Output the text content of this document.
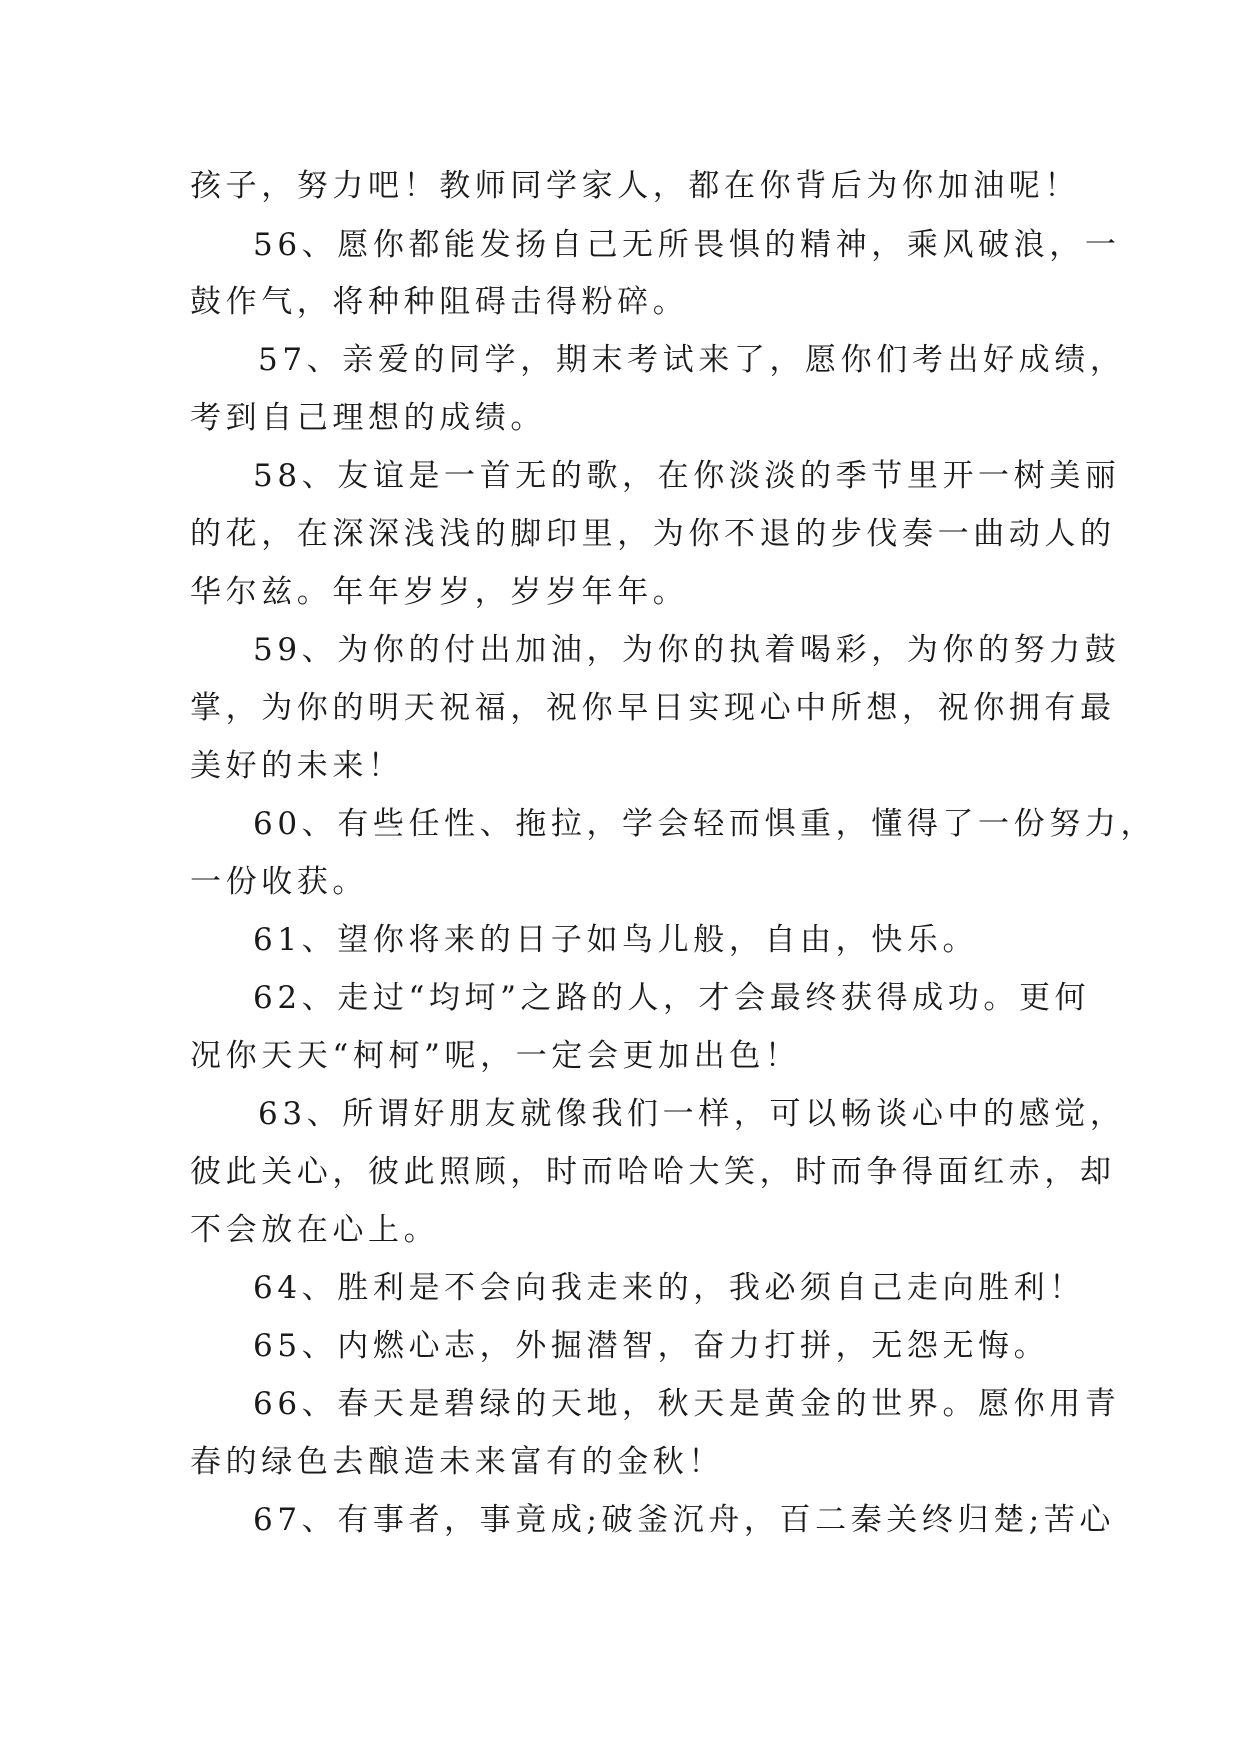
孩子，努力吧！教师同学家人，都在你背后为你加油呢！
56、愿你都能发扬自己无所畏惧的精神，乘风破浪，一
鼓作气，将种种阻碍击得粉碎。
57、亲爱的同学，期末考试来了，愿你们考出好成绩，
考到自己理想的成绩。
58、友谊是一首无的歌，在你淡淡的季节里开一树美丽
的花，在深深浅浅的脚印里，为你不退的步伐奏一曲动人的
华尔兹。年年岁岁，岁岁年年。
59、为你的付出加油，为你的执着喝彩，为你的努力鼓
掌，为你的明天祝福，祝你早日实现心中所想，祝你拥有最
美好的未来！
60、有些任性、拖拉，学会轻而惧重，懂得了一份努力，
一份收获。
61、望你将来的日子如鸟儿般，自由，快乐。
62、走过“均坷”之路的人，才会最终获得成功。更何
况你天天“柯柯”呢，一定会更加出色！
63、所谓好朋友就像我们一样，可以畅谈心中的感觉，
彼此关心，彼此照顾，时而哈哈大笑，时而争得面红赤，却
不会放在心上。
64、胜利是不会向我走来的，我必须自己走向胜利！
65、内燃心志，外掘潜智，奋力打拼，无怨无悔。
66、春天是碧绿的天地，秋天是黄金的世界。愿你用青
春的绿色去酿造未来富有的金秋！
67、有事者，事竟成;破釜沉舟，百二秦关终归楚;苦心
